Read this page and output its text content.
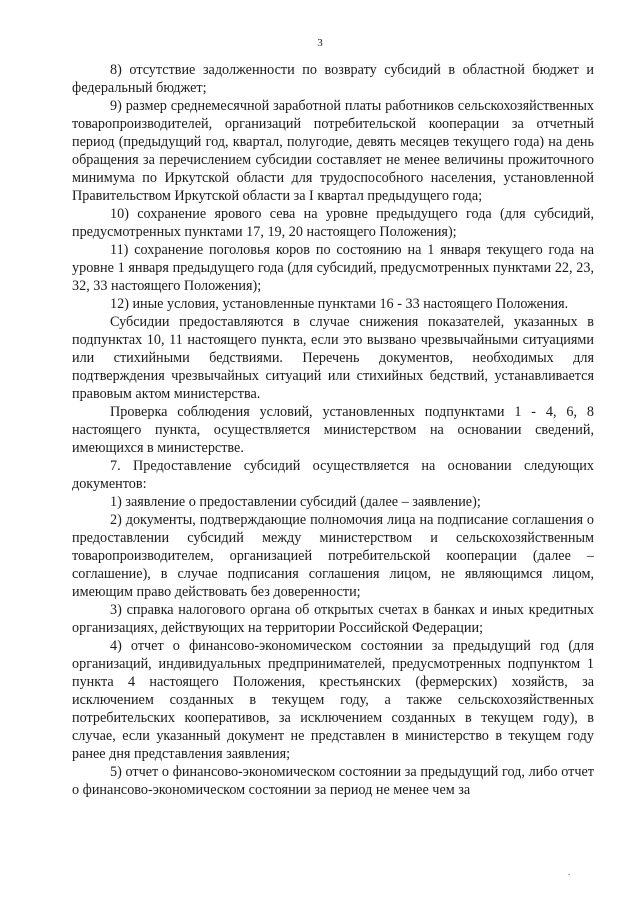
3

8) отсутствие задолженности по возврату субсидий в областной бюджет и федеральный бюджет;

9) размер среднемесячной заработной платы работников сельскохозяйственных товаропроизводителей, организаций потребительской кооперации за отчетный период (предыдущий год, квартал, полугодие, девять месяцев текущего года) на день обращения за перечислением субсидии составляет не менее величины прожиточного минимума по Иркутской области для трудоспособного населения, установленной Правительством Иркутской области за I квартал предыдущего года;

10) сохранение ярового сева на уровне предыдущего года (для субсидий, предусмотренных пунктами 17, 19, 20 настоящего Положения);

11) сохранение поголовья коров по состоянию на 1 января текущего года на уровне 1 января предыдущего года (для субсидий, предусмотренных пунктами 22, 23, 32, 33 настоящего Положения);

12) иные условия, установленные пунктами 16 - 33 настоящего Положения.

Субсидии предоставляются в случае снижения показателей, указанных в подпунктах 10, 11 настоящего пункта, если это вызвано чрезвычайными ситуациями или стихийными бедствиями. Перечень документов, необходимых для подтверждения чрезвычайных ситуаций или стихийных бедствий, устанавливается правовым актом министерства.

Проверка соблюдения условий, установленных подпунктами 1 - 4, 6, 8 настоящего пункта, осуществляется министерством на основании сведений, имеющихся в министерстве.

7. Предоставление субсидий осуществляется на основании следующих документов:

1) заявление о предоставлении субсидий (далее – заявление);

2) документы, подтверждающие полномочия лица на подписание соглашения о предоставлении субсидий между министерством и сельскохозяйственным товаропроизводителем, организацией потребительской кооперации (далее – соглашение), в случае подписания соглашения лицом, не являющимся лицом, имеющим право действовать без доверенности;

3) справка налогового органа об открытых счетах в банках и иных кредитных организациях, действующих на территории Российской Федерации;

4) отчет о финансово-экономическом состоянии за предыдущий год (для организаций, индивидуальных предпринимателей, предусмотренных подпунктом 1 пункта 4 настоящего Положения, крестьянских (фермерских) хозяйств, за исключением созданных в текущем году, а также сельскохозяйственных потребительских кооперативов, за исключением созданных в текущем году), в случае, если указанный документ не представлен в министерство в текущем году ранее дня представления заявления;

5) отчет о финансово-экономическом состоянии за предыдущий год, либо отчет о финансово-экономическом состоянии за период не менее чем за

.
